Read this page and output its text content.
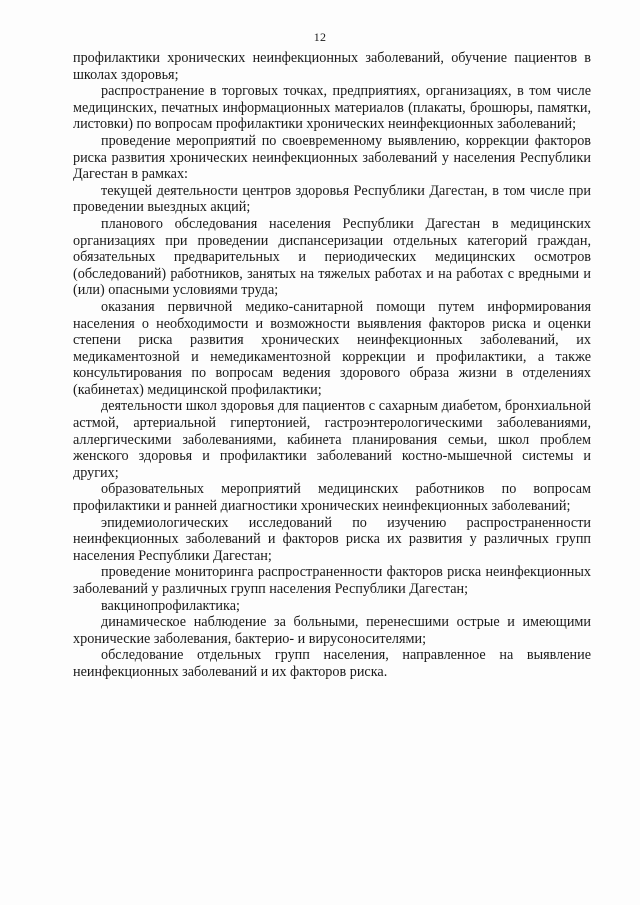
12

профилактики хронических неинфекционных заболеваний, обучение пациентов в школах здоровья;

распространение в торговых точках, предприятиях, организациях, в том числе медицинских, печатных информационных материалов (плакаты, брошюры, памятки, листовки) по вопросам профилактики хронических неинфекционных заболеваний;

проведение мероприятий по своевременному выявлению, коррекции факторов риска развития хронических неинфекционных заболеваний у населения Республики Дагестан в рамках:

текущей деятельности центров здоровья Республики Дагестан, в том числе при проведении выездных акций;

планового обследования населения Республики Дагестан в медицинских организациях при проведении диспансеризации отдельных категорий граждан, обязательных предварительных и периодических медицинских осмотров (обследований) работников, занятых на тяжелых работах и на работах с вредными и (или) опасными условиями труда;

оказания первичной медико-санитарной помощи путем информирования населения о необходимости и возможности выявления факторов риска и оценки степени риска развития хронических неинфекционных заболеваний, их медикаментозной и немедикаментозной коррекции и профилактики, а также консультирования по вопросам ведения здорового образа жизни в отделениях (кабинетах) медицинской профилактики;

деятельности школ здоровья для пациентов с сахарным диабетом, бронхиальной астмой, артериальной гипертонией, гастроэнтерологическими заболеваниями, аллергическими заболеваниями, кабинета планирования семьи, школ проблем женского здоровья и профилактики заболеваний костно-мышечной системы и других;

образовательных мероприятий медицинских работников по вопросам профилактики и ранней диагностики хронических неинфекционных заболеваний;

эпидемиологических исследований по изучению распространенности неинфекционных заболеваний и факторов риска их развития у различных групп населения Республики Дагестан;

проведение мониторинга распространенности факторов риска неинфекционных заболеваний у различных групп населения Республики Дагестан;

вакцинопрофилактика;

динамическое наблюдение за больными, перенесшими острые и имеющими хронические заболевания, бактерио- и вирусоносителями;

обследование отдельных групп населения, направленное на выявление неинфекционных заболеваний и их факторов риска.
